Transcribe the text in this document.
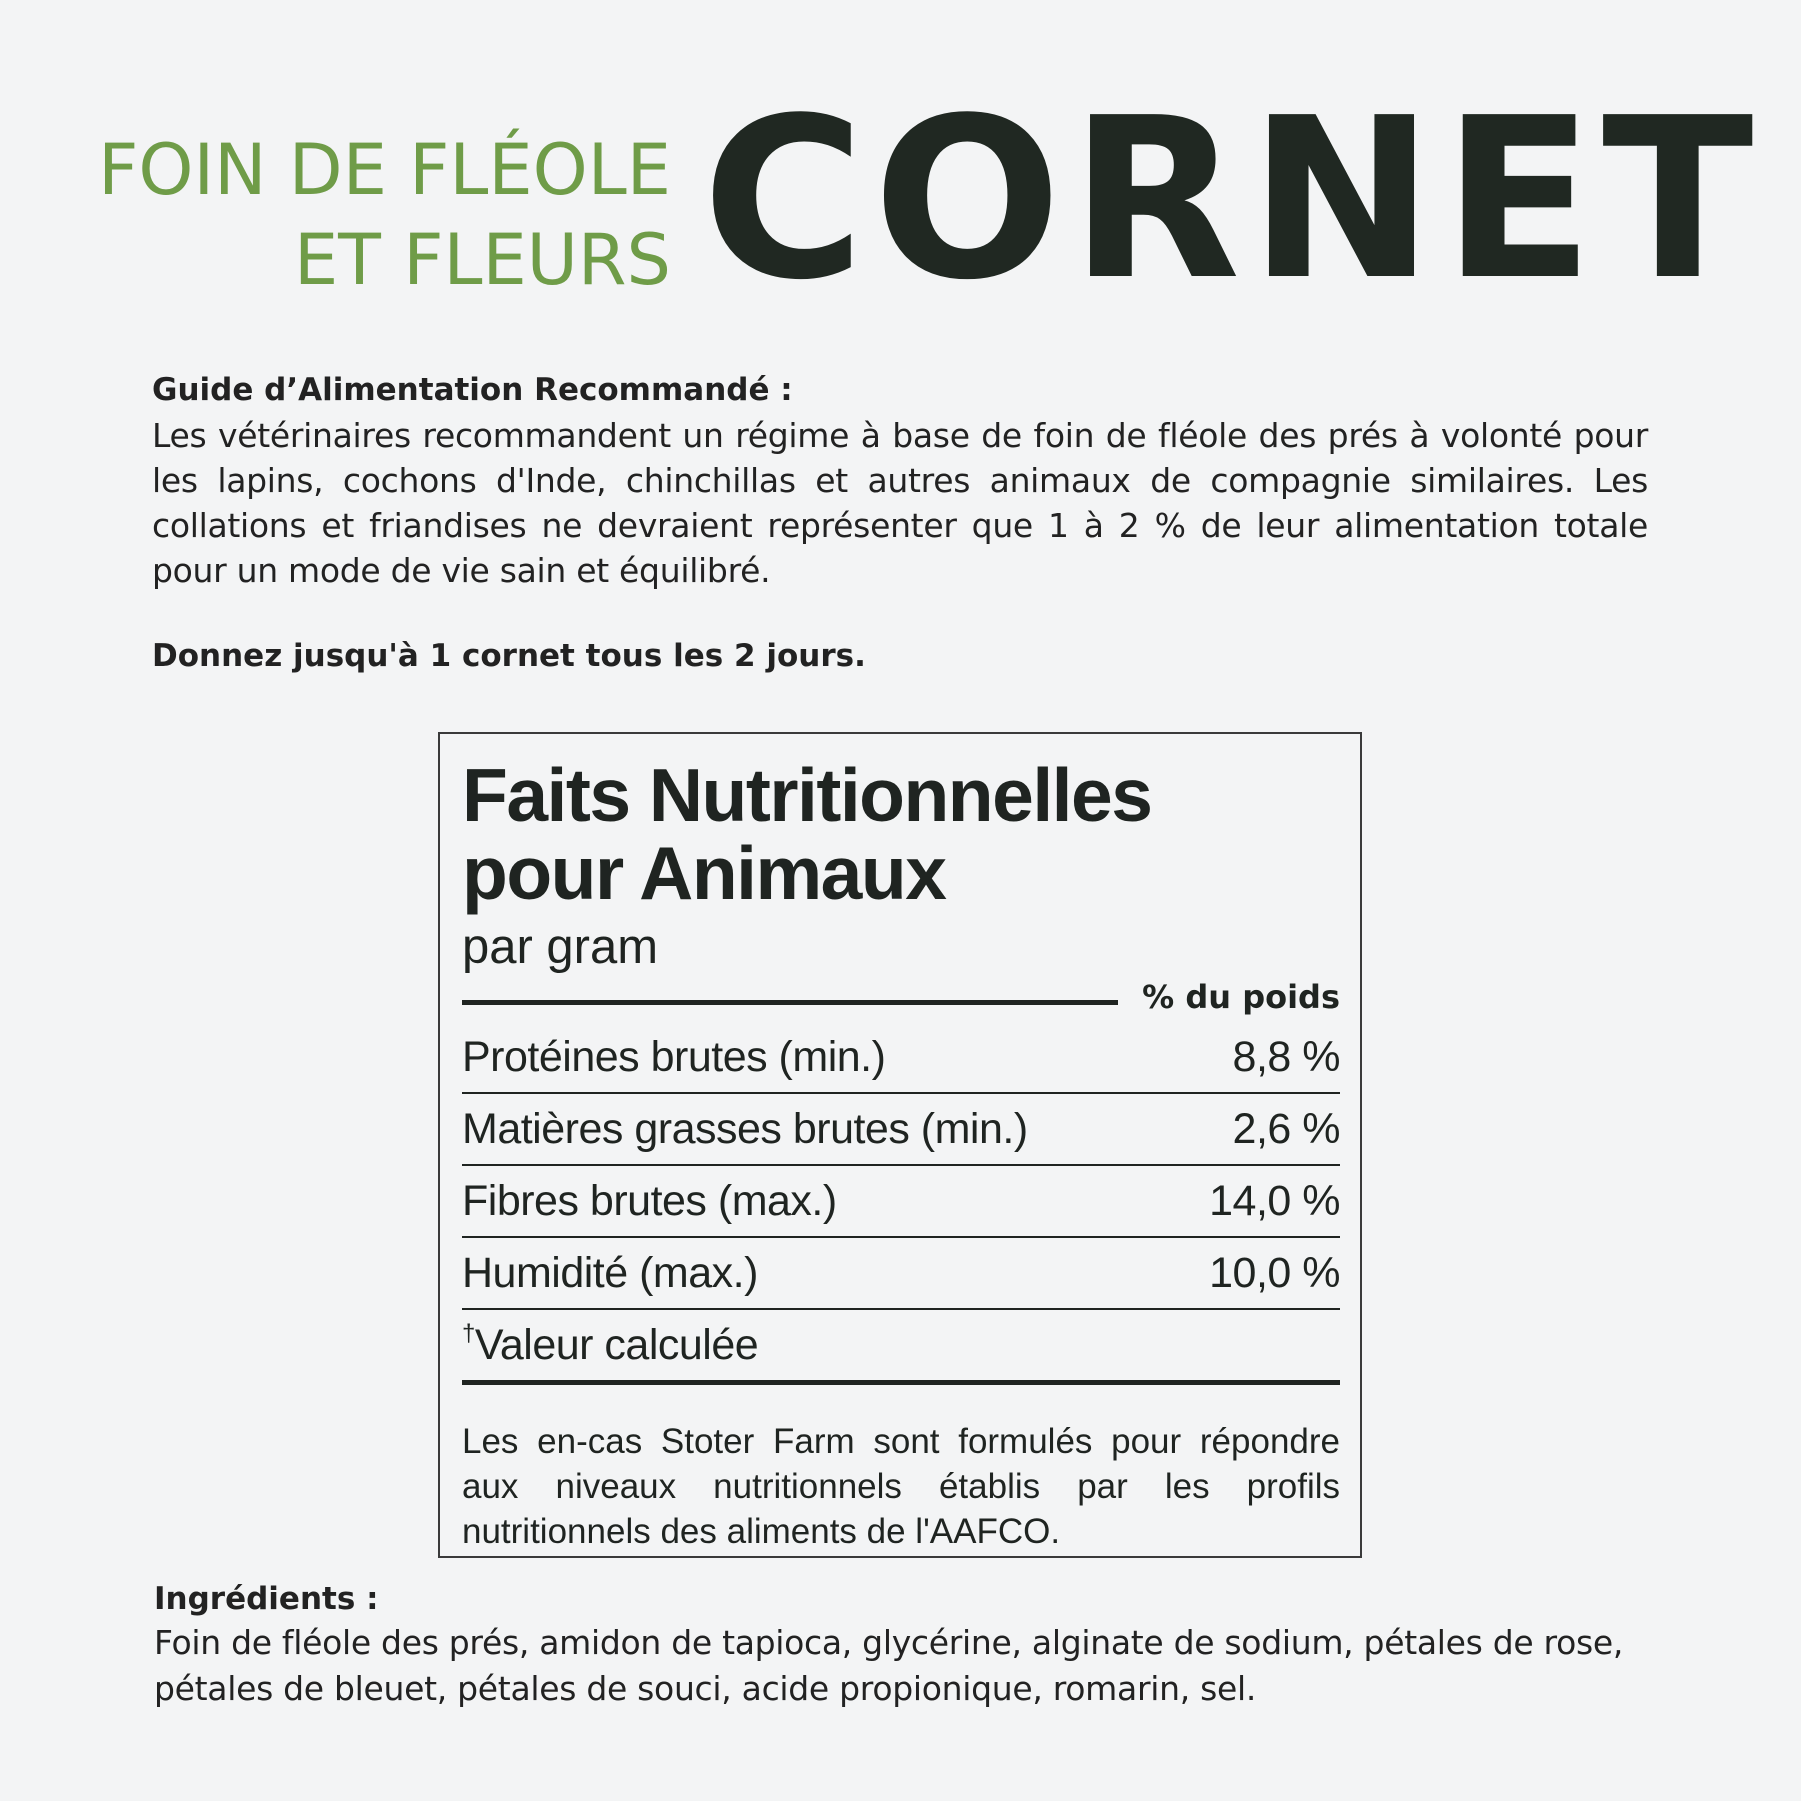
FOIN DE FLÉOLE
ET FLEURS CORNET
Guide d’Alimentation Recommandé :

Les vétérinaires recommandent un régime à base de foin de fléole des prés à volonté pour les lapins, cochons d'Inde, chinchillas et autres animaux de compagnie similaires. Les collations et friandises ne devraient représenter que 1 à 2 % de leur alimentation totale pour un mode de vie sain et équilibré.

Donnez jusqu'à 1 cornet tous les 2 jours.
Faits Nutritionnelles
pour Animaux
par gram
% du poids
Protéines brutes (min.)	8,8 %
Matières grasses brutes (min.)	2,6 %
Fibres brutes (max.)	14,0 %
Humidité (max.)	10,0 %
†Valeur calculée
Les en-cas Stoter Farm sont formulés pour répondre aux niveaux nutritionnels établis par les profils nutritionnels des aliments de l'AAFCO.
Ingrédients :

Foin de fléole des prés, amidon de tapioca, glycérine, alginate de sodium, pétales de rose, pétales de bleuet, pétales de souci, acide propionique, romarin, sel.
